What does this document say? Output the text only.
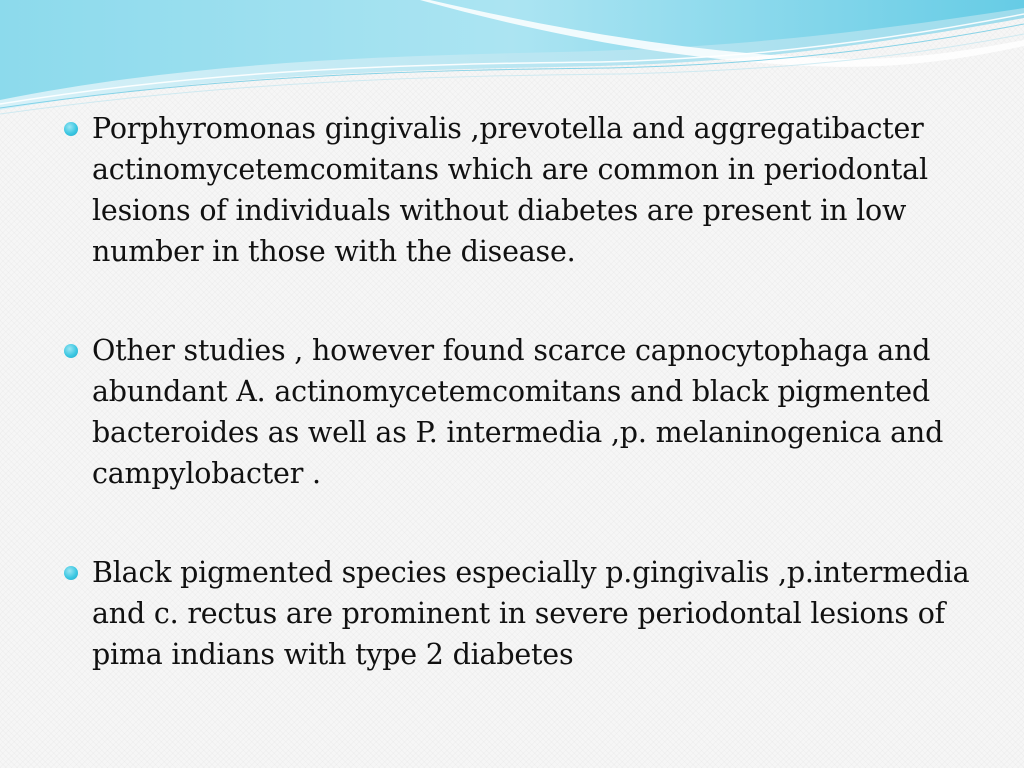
Porphyromonas gingivalis ,prevotella and aggregatibacter actinomycetemcomitans which are common in periodontal lesions of individuals without diabetes are present in low number in those with the disease.
Other studies , however found scarce capnocytophaga and abundant A. actinomycetemcomitans and black pigmented bacteroides as well as P. intermedia ,p. melaninogenica and campylobacter .
Black pigmented species especially p.gingivalis ,p.intermedia and c. rectus are prominent in severe periodontal lesions of pima indians with type 2 diabetes
